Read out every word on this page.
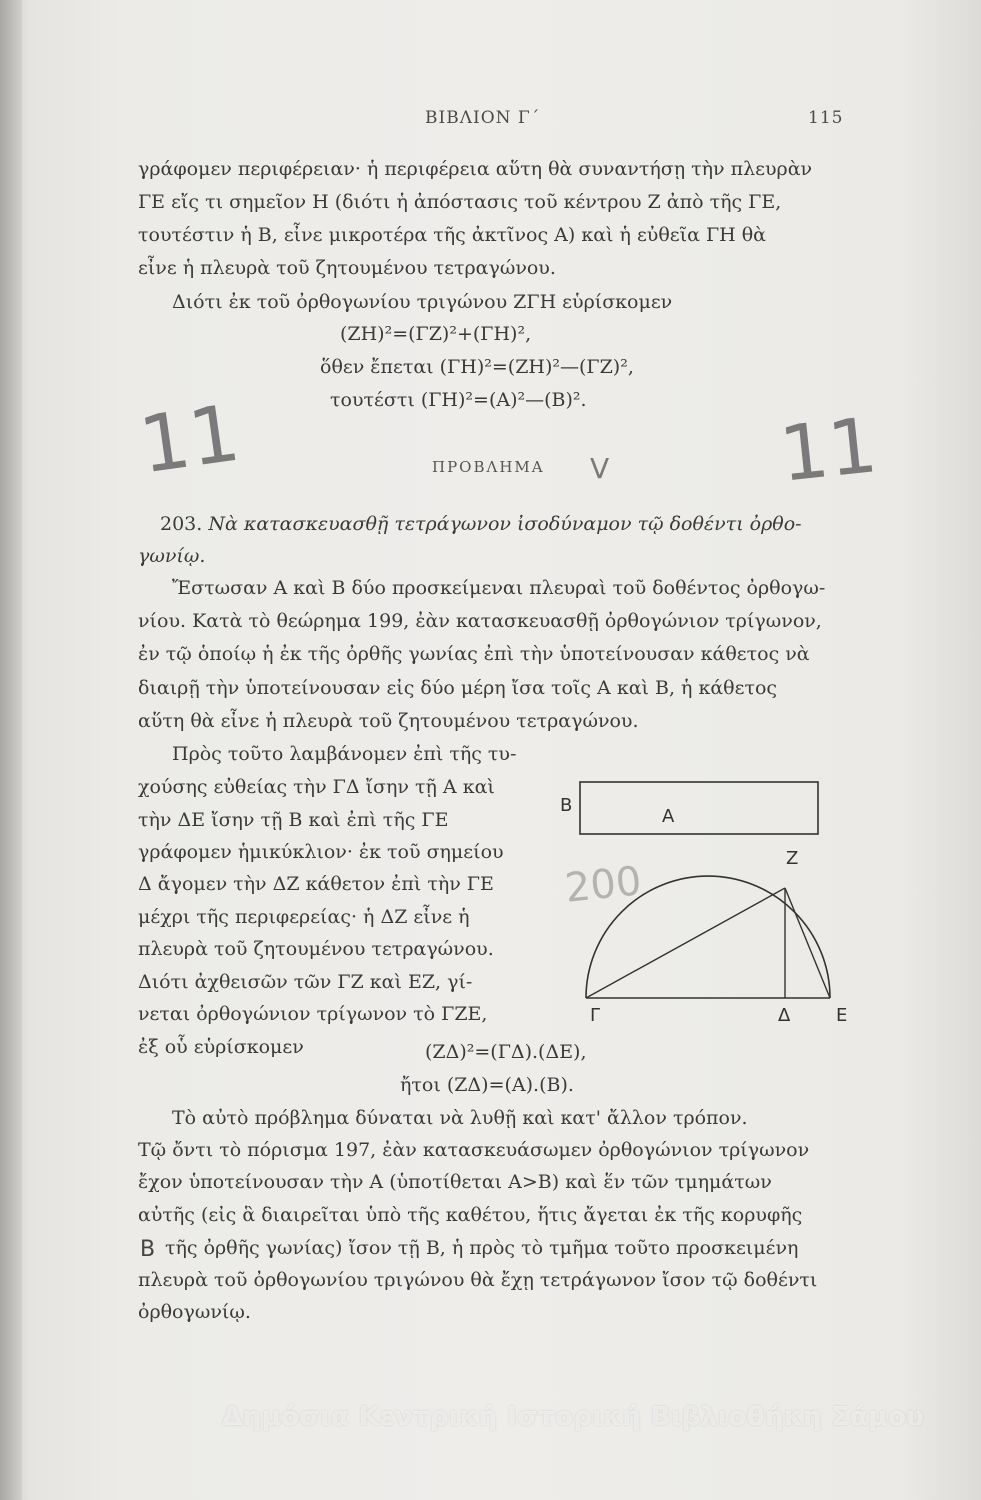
ΒΙΒΛΙΟΝ Γ΄	115
γράφομεν περιφέρειαν· ἡ περιφέρεια αὕτη θὰ συναντήσῃ τὴν πλευρὰν
ΓΕ εἴς τι σημεῖον Η (διότι ἡ ἀπόστασις τοῦ κέντρου Ζ ἀπὸ τῆς ΓΕ,
τουτέστιν ἡ Β, εἶνε μικροτέρα τῆς ἀκτῖνος Α) καὶ ἡ εὐθεῖα ΓΗ θὰ
εἶνε ἡ πλευρὰ τοῦ ζητουμένου τετραγώνου.
Διότι ἐκ τοῦ ὀρθογωνίου τριγώνου ΖΓΗ εὑρίσκομεν
(ΖΗ)²=(ΓΖ)²+(ΓΗ)²,
ὅθεν ἔπεται (ΓΗ)²=(ΖΗ)²—(ΓΖ)²,
τουτέστι (ΓΗ)²=(Α)²—(Β)².
11	11
V
B
ΠΡΟΒΛΗΜΑ
203. Νὰ κατασκευασθῇ τετράγωνον ἰσοδύναμον τῷ δοθέντι ὀρθο-
γωνίῳ.
Ἔστωσαν Α καὶ Β δύο προσκείμεναι πλευραὶ τοῦ δοθέντος ὀρθογω-
νίου. Κατὰ τὸ θεώρημα 199, ἐὰν κατασκευασθῇ ὀρθογώνιον τρίγωνον,
ἐν τῷ ὁποίῳ ἡ ἐκ τῆς ὀρθῆς γωνίας ἐπὶ τὴν ὑποτείνουσαν κάθετος νὰ
διαιρῇ τὴν ὑποτείνουσαν εἰς δύο μέρη ἴσα τοῖς Α καὶ Β, ἡ κάθετος
αὕτη θὰ εἶνε ἡ πλευρὰ τοῦ ζητουμένου τετραγώνου.
Πρὸς τοῦτο λαμβάνομεν ἐπὶ τῆς τυ-
χούσης εὐθείας τὴν ΓΔ ἴσην τῇ Α καὶ
τὴν ΔΕ ἴσην τῇ Β καὶ ἐπὶ τῆς ΓΕ
γράφομεν ἡμικύκλιον· ἐκ τοῦ σημείου
Δ ἄγομεν τὴν ΔΖ κάθετον ἐπὶ τὴν ΓΕ
μέχρι τῆς περιφερείας· ἡ ΔΖ εἶνε ἡ
πλευρὰ τοῦ ζητουμένου τετραγώνου.
Διότι ἀχθεισῶν τῶν ΓΖ καὶ ΕΖ, γί-
νεται ὀρθογώνιον τρίγωνον τὸ ΓΖΕ,
ἐξ οὗ εὑρίσκομεν	(ΖΔ)²=(ΓΔ).(ΔΕ),
ἤτοι (ΖΔ)=(Α).(Β).
Τὸ αὐτὸ πρόβλημα δύναται νὰ λυθῇ καὶ κατ' ἄλλον τρόπον.
Τῷ ὄντι τὸ πόρισμα 197, ἐὰν κατασκευάσωμεν ὀρθογώνιον τρίγωνον
ἔχον ὑποτείνουσαν τὴν Α (ὑποτίθεται Α>Β) καὶ ἕν τῶν τμημάτων
αὐτῆς (εἰς ἃ διαιρεῖται ὑπὸ τῆς καθέτου, ἥτις ἄγεται ἐκ τῆς κορυφῆς
τῆς ὀρθῆς γωνίας) ἴσον τῇ Β, ἡ πρὸς τὸ τμῆμα τοῦτο προσκειμένη
πλευρὰ τοῦ ὀρθογωνίου τριγώνου θὰ ἔχῃ τετράγωνον ἴσον τῷ δοθέντι
ὀρθογωνίῳ.
200
B
A
Z
Γ	Δ	E
Δημόσια Κεντρική Ιστορική Βιβλιοθήκη Σάμου
